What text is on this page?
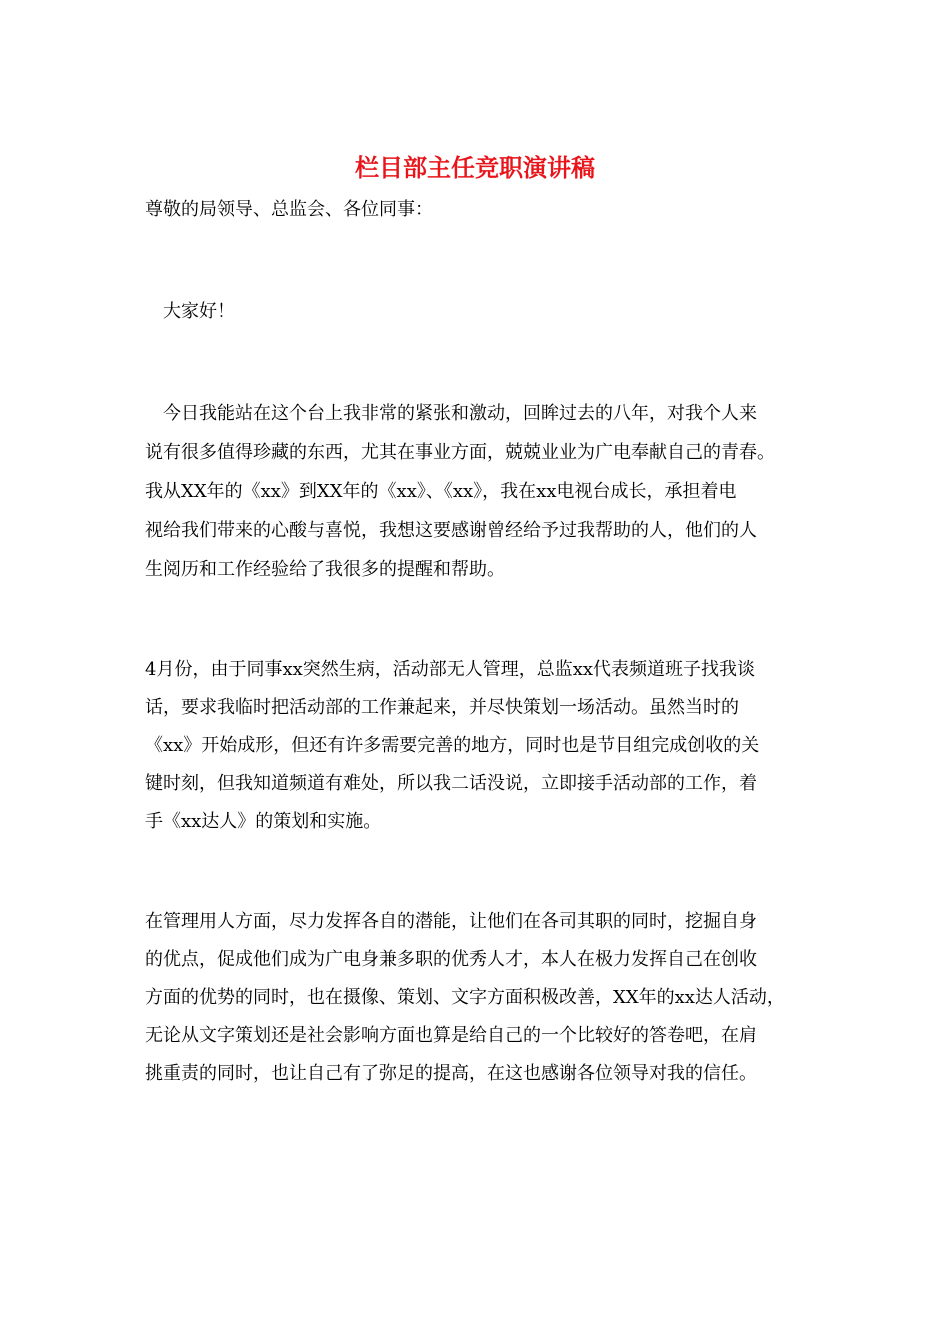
栏目部主任竞职演讲稿
尊敬的局领导、总监会、各位同事：
　大家好！
　今日我能站在这个台上我非常的紧张和激动，回眸过去的八年，对我个人来
说有很多值得珍藏的东西，尤其在事业方面，兢兢业业为广电奉献自己的青春。
我从XX年的《xx》到XX年的《xx》、《xx》，我在xx电视台成长，承担着电
视给我们带来的心酸与喜悦，我想这要感谢曾经给予过我帮助的人，他们的人
生阅历和工作经验给了我很多的提醒和帮助。
4月份，由于同事xx突然生病，活动部无人管理，总监xx代表频道班子找我谈
话，要求我临时把活动部的工作兼起来，并尽快策划一场活动。虽然当时的
《xx》开始成形，但还有许多需要完善的地方，同时也是节目组完成创收的关
键时刻，但我知道频道有难处，所以我二话没说，立即接手活动部的工作，着
手《xx达人》的策划和实施。
在管理用人方面，尽力发挥各自的潜能，让他们在各司其职的同时，挖掘自身
的优点，促成他们成为广电身兼多职的优秀人才，本人在极力发挥自己在创收
方面的优势的同时，也在摄像、策划、文字方面积极改善，XX年的xx达人活动，
无论从文字策划还是社会影响方面也算是给自己的一个比较好的答卷吧，在肩
挑重责的同时，也让自己有了弥足的提高，在这也感谢各位领导对我的信任。
